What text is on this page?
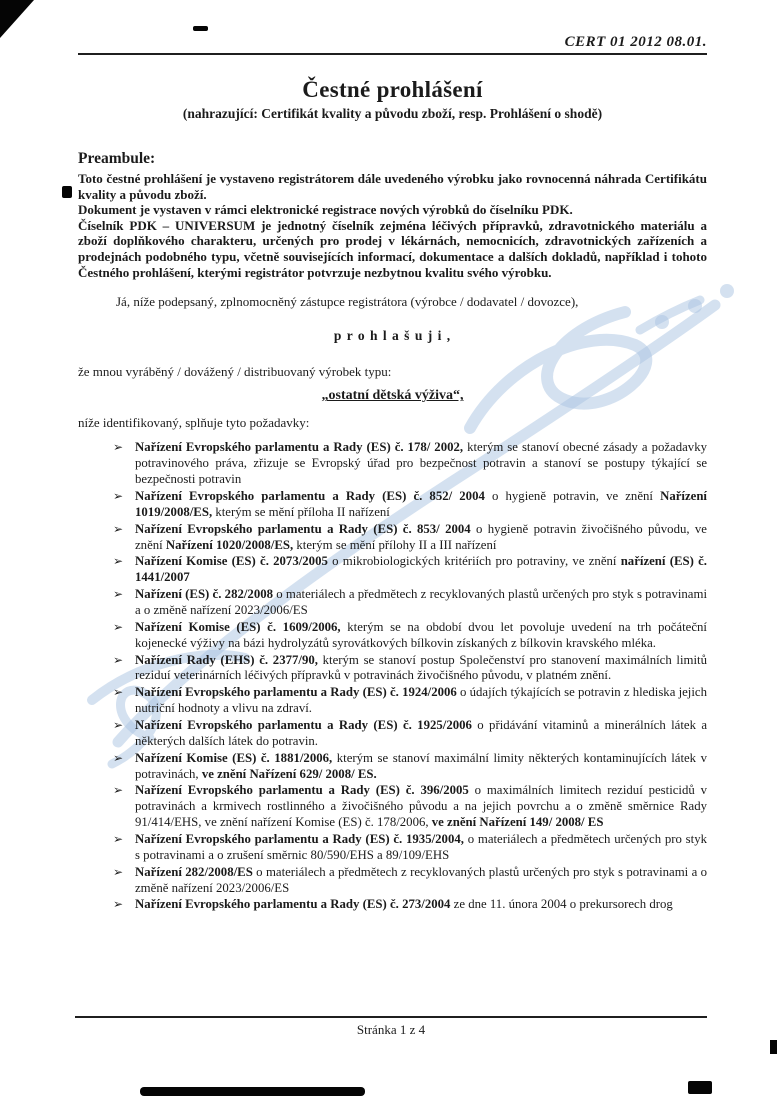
CERT 01 2012 08.01.
Čestné prohlášení
(nahrazující: Certifikát kvality a původu zboží, resp. Prohlášení o shodě)
Preambule:

Toto čestné prohlášení je vystaveno registrátorem dále uvedeného výrobku jako rovnocenná náhrada Certifikátu kvality a původu zboží.

Dokument je vystaven v rámci elektronické registrace nových výrobků do číselníku PDK.

Číselník PDK – UNIVERSUM je jednotný číselník zejména léčivých přípravků, zdravotnického materiálu a zboží doplňkového charakteru, určených pro prodej v lékárnách, nemocnicích, zdravotnických zařízeních a prodejnách podobného typu, včetně souvisejících informací, dokumentace a dalších dokladů, například i tohoto Čestného prohlášení, kterými registrátor potvrzuje nezbytnou kvalitu svého výrobku.

Já, níže podepsaný, zplnomocněný zástupce registrátora (výrobce / dodavatel / dovozce),

p r o h l a š u j i ,

že mnou vyráběný / dovážený / distribuovaný výrobek typu:

„ostatní dětská výživa“,

níže identifikovaný, splňuje tyto požadavky:

➢ Nařízení Evropského parlamentu a Rady (ES) č. 178/ 2002, kterým se stanoví obecné zásady a požadavky potravinového práva, zřizuje se Evropský úřad pro bezpečnost potravin a stanoví se postupy týkající se bezpečnosti potravin
➢ Nařízení Evropského parlamentu a Rady (ES) č. 852/ 2004 o hygieně potravin, ve znění Nařízení 1019/2008/ES, kterým se mění příloha II nařízení
➢ Nařízení Evropského parlamentu a Rady (ES) č. 853/ 2004 o hygieně potravin živočišného původu, ve znění Nařízení 1020/2008/ES, kterým se mění přílohy II a III nařízení
➢ Nařízení Komise (ES) č. 2073/2005 o mikrobiologických kritériích pro potraviny, ve znění nařízení (ES) č. 1441/2007
➢ Nařízení (ES) č. 282/2008 o materiálech a předmětech z recyklovaných plastů určených pro styk s potravinami a o změně nařízení 2023/2006/ES
➢ Nařízení Komise (ES) č. 1609/2006, kterým se na období dvou let povoluje uvedení na trh počáteční kojenecké výživy na bázi hydrolyzátů syrovátkových bílkovin získaných z bílkovin kravského mléka.
➢ Nařízení Rady (EHS) č. 2377/90, kterým se stanoví postup Společenství pro stanovení maximálních limitů reziduí veterinárních léčivých přípravků v potravinách živočišného původu, v platném znění.
➢ Nařízení Evropského parlamentu a Rady (ES) č. 1924/2006 o údajích týkajících se potravin z hlediska jejich nutriční hodnoty a vlivu na zdraví.
➢ Nařízení Evropského parlamentu a Rady (ES) č. 1925/2006 o přidávání vitaminů a minerálních látek a některých dalších látek do potravin.
➢ Nařízení Komise (ES) č. 1881/2006, kterým se stanoví maximální limity některých kontaminujících látek v potravinách, ve znění Nařízení 629/ 2008/ ES.
➢ Nařízení Evropského parlamentu a Rady (ES) č. 396/2005 o maximálních limitech reziduí pesticidů v potravinách a krmivech rostlinného a živočišného původu a na jejich povrchu a o změně směrnice Rady 91/414/EHS, ve znění nařízení Komise (ES) č. 178/2006, ve znění Nařízení 149/ 2008/ ES
➢ Nařízení Evropského parlamentu a Rady (ES) č. 1935/2004, o materiálech a předmětech určených pro styk s potravinami a o zrušení směrnic 80/590/EHS a 89/109/EHS
➢ Nařízení 282/2008/ES o materiálech a předmětech z recyklovaných plastů určených pro styk s potravinami a o změně nařízení 2023/2006/ES
➢ Nařízení Evropského parlamentu a Rady (ES) č. 273/2004 ze dne 11. února 2004 o prekursorech drog
Stránka 1 z 4
